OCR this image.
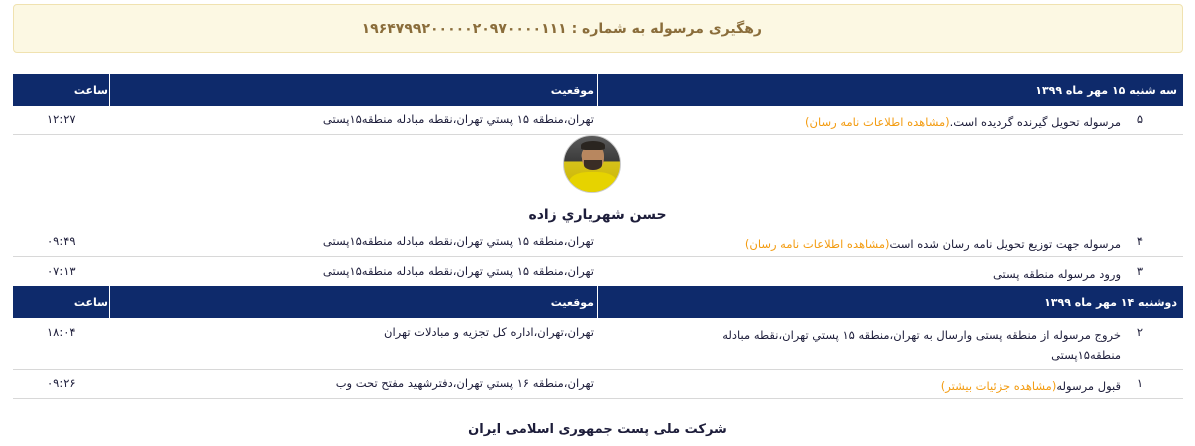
رهگیری مرسوله به شماره : ۱۹۶۴۷۹۹۲۰۰۰۰۰۲۰۹۷۰۰۰۰۱۱۱
سه شنبه ۱۵ مهر ماه ۱۳۹۹
موقعیت
ساعت
۵
مرسوله تحویل گیرنده گردیده است.(مشاهده اطلاعات نامه رسان)
تهران،منطقه ۱۵ پستي تهران،نقطه مبادله منطقه۱۵پستی
۱۲:۲۷
حسن شهرياري زاده
۴
مرسوله جهت توزیع تحویل نامه رسان شده است(مشاهده اطلاعات نامه رسان)
تهران،منطقه ۱۵ پستي تهران،نقطه مبادله منطقه۱۵پستی
۰۹:۴۹
۳
ورود مرسوله منطقه پستی
تهران،منطقه ۱۵ پستي تهران،نقطه مبادله منطقه۱۵پستی
۰۷:۱۳
دوشنبه ۱۴ مهر ماه ۱۳۹۹
موقعیت
ساعت
۲
خروج مرسوله از منطقه پستی وارسال به تهران،منطقه ۱۵ پستي تهران،نقطه مبادله منطقه۱۵پستی
تهران،تهران،اداره کل تجزیه و مبادلات تهران
۱۸:۰۴
۱
قبول مرسوله(مشاهده جزئیات بیشتر)
تهران،منطقه ۱۶ پستي تهران،دفترشهید مفتح تحت وب
۰۹:۲۶
شرکت ملی پست جمهوری اسلامی ایران
